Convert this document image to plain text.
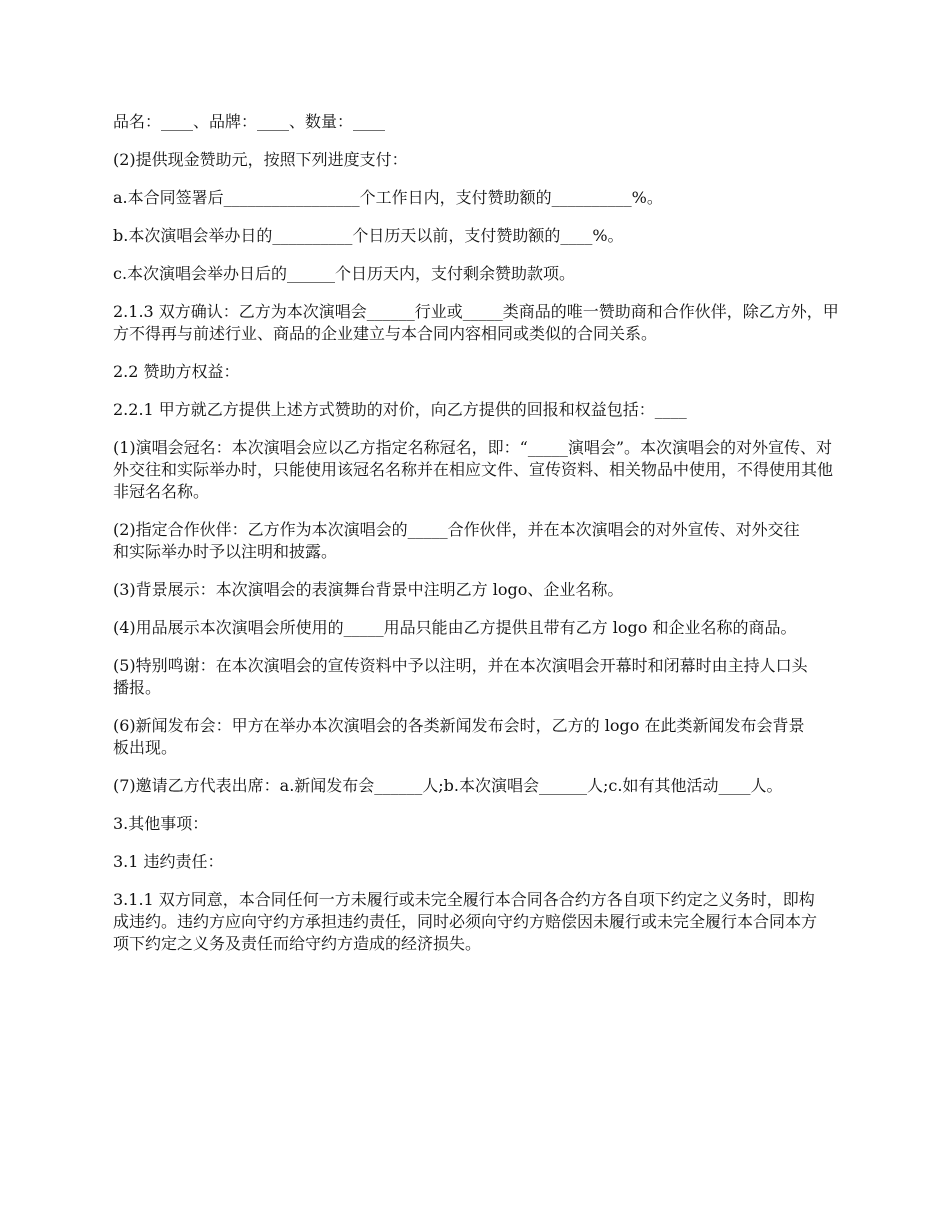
品名：____、品牌：____、数量：____

(2)提供现金赞助元，按照下列进度支付：

a.本合同签署后_________________个工作日内，支付赞助额的__________%。

b.本次演唱会举办日的__________个日历天以前，支付赞助额的____%。

c.本次演唱会举办日后的______个日历天内，支付剩余赞助款项。

2.1.3 双方确认：乙方为本次演唱会______行业或_____类商品的唯一赞助商和合作伙伴，除乙方外，甲方不得再与前述行业、商品的企业建立与本合同内容相同或类似的合同关系。

2.2 赞助方权益：

2.2.1 甲方就乙方提供上述方式赞助的对价，向乙方提供的回报和权益包括：____

(1)演唱会冠名：本次演唱会应以乙方指定名称冠名，即：“_____演唱会”。本次演唱会的对外宣传、对外交往和实际举办时，只能使用该冠名名称并在相应文件、宣传资料、相关物品中使用，不得使用其他非冠名名称。

(2)指定合作伙伴：乙方作为本次演唱会的_____合作伙伴，并在本次演唱会的对外宣传、对外交往和实际举办时予以注明和披露。

(3)背景展示：本次演唱会的表演舞台背景中注明乙方 logo、企业名称。

(4)用品展示本次演唱会所使用的_____用品只能由乙方提供且带有乙方 logo 和企业名称的商品。

(5)特别鸣谢：在本次演唱会的宣传资料中予以注明，并在本次演唱会开幕时和闭幕时由主持人口头播报。

(6)新闻发布会：甲方在举办本次演唱会的各类新闻发布会时，乙方的 logo 在此类新闻发布会背景板出现。

(7)邀请乙方代表出席：a.新闻发布会______人;b.本次演唱会______人;c.如有其他活动____人。

3.其他事项：

3.1 违约责任：

3.1.1 双方同意，本合同任何一方未履行或未完全履行本合同各合约方各自项下约定之义务时，即构成违约。违约方应向守约方承担违约责任，同时必须向守约方赔偿因未履行或未完全履行本合同本方项下约定之义务及责任而给守约方造成的经济损失。
